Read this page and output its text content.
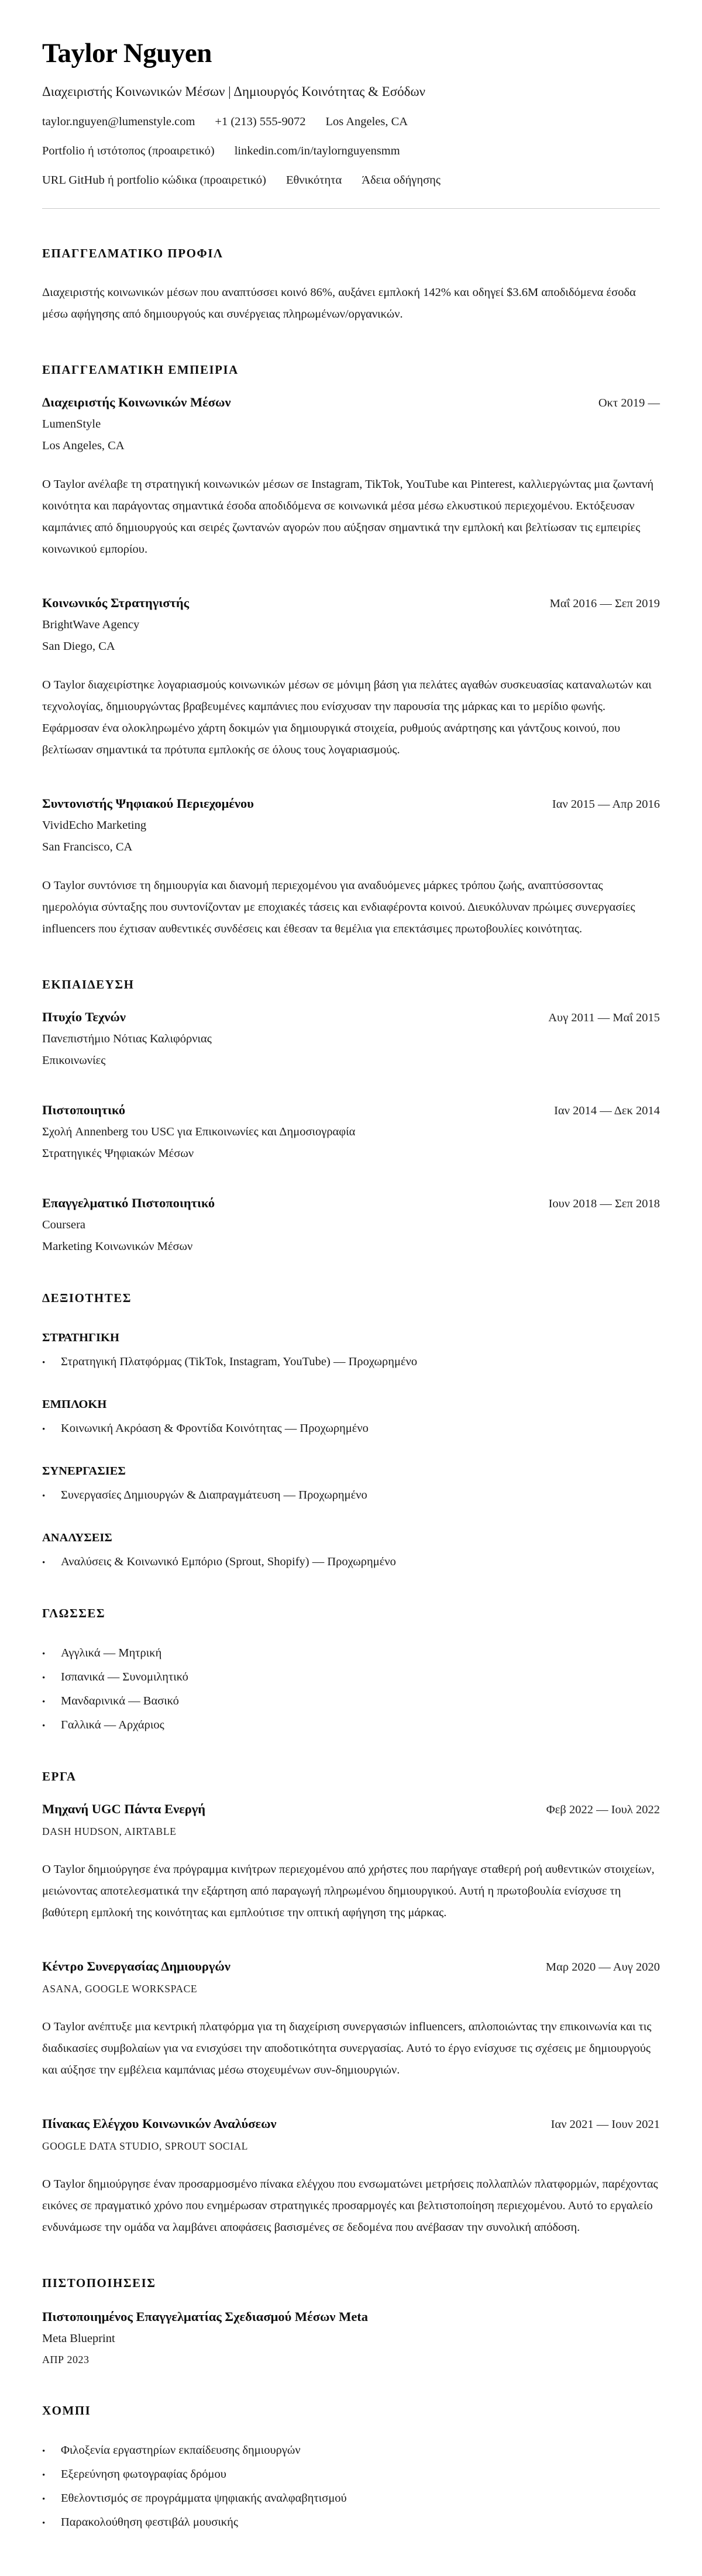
Taylor Nguyen
Διαχειριστής Κοινωνικών Μέσων | Δημιουργός Κοινότητας & Εσόδων
taylor.nguyen@lumenstyle.com +1 (213) 555-9072 Los Angeles, CA
Portfolio ή ιστότοπος (προαιρετικό) linkedin.com/in/taylornguyensmm
URL GitHub ή portfolio κώδικα (προαιρετικό) Εθνικότητα Άδεια οδήγησης
ΕΠΑΓΓΕΛΜΑΤΙΚΟ ΠΡΟΦΙΛ

Διαχειριστής κοινωνικών μέσων που αναπτύσσει κοινό 86%, αυξάνει εμπλοκή 142% και οδηγεί $3.6M αποδιδόμενα έσοδα μέσω αφήγησης από δημιουργούς και συνέργειας πληρωμένων/οργανικών.

ΕΠΑΓΓΕΛΜΑΤΙΚΗ ΕΜΠΕΙΡΙΑ
Διαχειριστής Κοινωνικών Μέσων	Οκτ 2019 —
LumenStyle
Los Angeles, CA

Ο Taylor ανέλαβε τη στρατηγική κοινωνικών μέσων σε Instagram, TikTok, YouTube και Pinterest, καλλιεργώντας μια ζωντανή κοινότητα και παράγοντας σημαντικά έσοδα αποδιδόμενα σε κοινωνικά μέσα μέσω ελκυστικού περιεχομένου. Εκτόξευσαν καμπάνιες από δημιουργούς και σειρές ζωντανών αγορών που αύξησαν σημαντικά την εμπλοκή και βελτίωσαν τις εμπειρίες κοινωνικού εμπορίου.

Κοινωνικός Στρατηγιστής	Μαΐ 2016 — Σεπ 2019
BrightWave Agency
San Diego, CA

Ο Taylor διαχειρίστηκε λογαριασμούς κοινωνικών μέσων σε μόνιμη βάση για πελάτες αγαθών συσκευασίας καταναλωτών και τεχνολογίας, δημιουργώντας βραβευμένες καμπάνιες που ενίσχυσαν την παρουσία της μάρκας και το μερίδιο φωνής. Εφάρμοσαν ένα ολοκληρωμένο χάρτη δοκιμών για δημιουργικά στοιχεία, ρυθμούς ανάρτησης και γάντζους κοινού, που βελτίωσαν σημαντικά τα πρότυπα εμπλοκής σε όλους τους λογαριασμούς.

Συντονιστής Ψηφιακού Περιεχομένου	Ιαν 2015 — Απρ 2016
VividEcho Marketing
San Francisco, CA

Ο Taylor συντόνισε τη δημιουργία και διανομή περιεχομένου για αναδυόμενες μάρκες τρόπου ζωής, αναπτύσσοντας ημερολόγια σύνταξης που συντονίζονταν με εποχιακές τάσεις και ενδιαφέροντα κοινού. Διευκόλυναν πρώιμες συνεργασίες influencers που έχτισαν αυθεντικές συνδέσεις και έθεσαν τα θεμέλια για επεκτάσιμες πρωτοβουλίες κοινότητας.

ΕΚΠΑΙΔΕΥΣΗ
Πτυχίο Τεχνών	Αυγ 2011 — Μαΐ 2015
Πανεπιστήμιο Νότιας Καλιφόρνιας
Επικοινωνίες
Πιστοποιητικό	Ιαν 2014 — Δεκ 2014
Σχολή Annenberg του USC για Επικοινωνίες και Δημοσιογραφία
Στρατηγικές Ψηφιακών Μέσων
Επαγγελματικό Πιστοποιητικό	Ιουν 2018 — Σεπ 2018
Coursera
Marketing Κοινωνικών Μέσων
ΔΕΞΙΟΤΗΤΕΣ
ΣΤΡΑΤΗΓΙΚΗ
•	Στρατηγική Πλατφόρμας (TikTok, Instagram, YouTube) — Προχωρημένο
ΕΜΠΛΟΚΗ
•	Κοινωνική Ακρόαση & Φροντίδα Κοινότητας — Προχωρημένο
ΣΥΝΕΡΓΑΣΙΕΣ
•	Συνεργασίες Δημιουργών & Διαπραγμάτευση — Προχωρημένο
ΑΝΑΛΥΣΕΙΣ
•	Αναλύσεις & Κοινωνικό Εμπόριο (Sprout, Shopify) — Προχωρημένο
ΓΛΩΣΣΕΣ
•	Αγγλικά — Μητρική
•	Ισπανικά — Συνομιλητικό
•	Μανδαρινικά — Βασικό
•	Γαλλικά — Αρχάριος
ΕΡΓΑ
Μηχανή UGC Πάντα Ενεργή	Φεβ 2022 — Ιουλ 2022
DASH HUDSON, AIRTABLE

Ο Taylor δημιούργησε ένα πρόγραμμα κινήτρων περιεχομένου από χρήστες που παρήγαγε σταθερή ροή αυθεντικών στοιχείων, μειώνοντας αποτελεσματικά την εξάρτηση από παραγωγή πληρωμένου δημιουργικού. Αυτή η πρωτοβουλία ενίσχυσε τη βαθύτερη εμπλοκή της κοινότητας και εμπλούτισε την οπτική αφήγηση της μάρκας.

Κέντρο Συνεργασίας Δημιουργών	Μαρ 2020 — Αυγ 2020
ASANA, GOOGLE WORKSPACE

Ο Taylor ανέπτυξε μια κεντρική πλατφόρμα για τη διαχείριση συνεργασιών influencers, απλοποιώντας την επικοινωνία και τις διαδικασίες συμβολαίων για να ενισχύσει την αποδοτικότητα συνεργασίας. Αυτό το έργο ενίσχυσε τις σχέσεις με δημιουργούς και αύξησε την εμβέλεια καμπάνιας μέσω στοχευμένων συν-δημιουργιών.

Πίνακας Ελέγχου Κοινωνικών Αναλύσεων	Ιαν 2021 — Ιουν 2021
GOOGLE DATA STUDIO, SPROUT SOCIAL

Ο Taylor δημιούργησε έναν προσαρμοσμένο πίνακα ελέγχου που ενσωματώνει μετρήσεις πολλαπλών πλατφορμών, παρέχοντας εικόνες σε πραγματικό χρόνο που ενημέρωσαν στρατηγικές προσαρμογές και βελτιστοποίηση περιεχομένου. Αυτό το εργαλείο ενδυνάμωσε την ομάδα να λαμβάνει αποφάσεις βασισμένες σε δεδομένα που ανέβασαν την συνολική απόδοση.

ΠΙΣΤΟΠΟΙΗΣΕΙΣ
Πιστοποιημένος Επαγγελματίας Σχεδιασμού Μέσων Meta
Meta Blueprint
ΑΠΡ 2023
ΧΟΜΠΙ
•	Φιλοξενία εργαστηρίων εκπαίδευσης δημιουργών
•	Εξερεύνηση φωτογραφίας δρόμου
•	Εθελοντισμός σε προγράμματα ψηφιακής αναλφαβητισμού
•	Παρακολούθηση φεστιβάλ μουσικής
